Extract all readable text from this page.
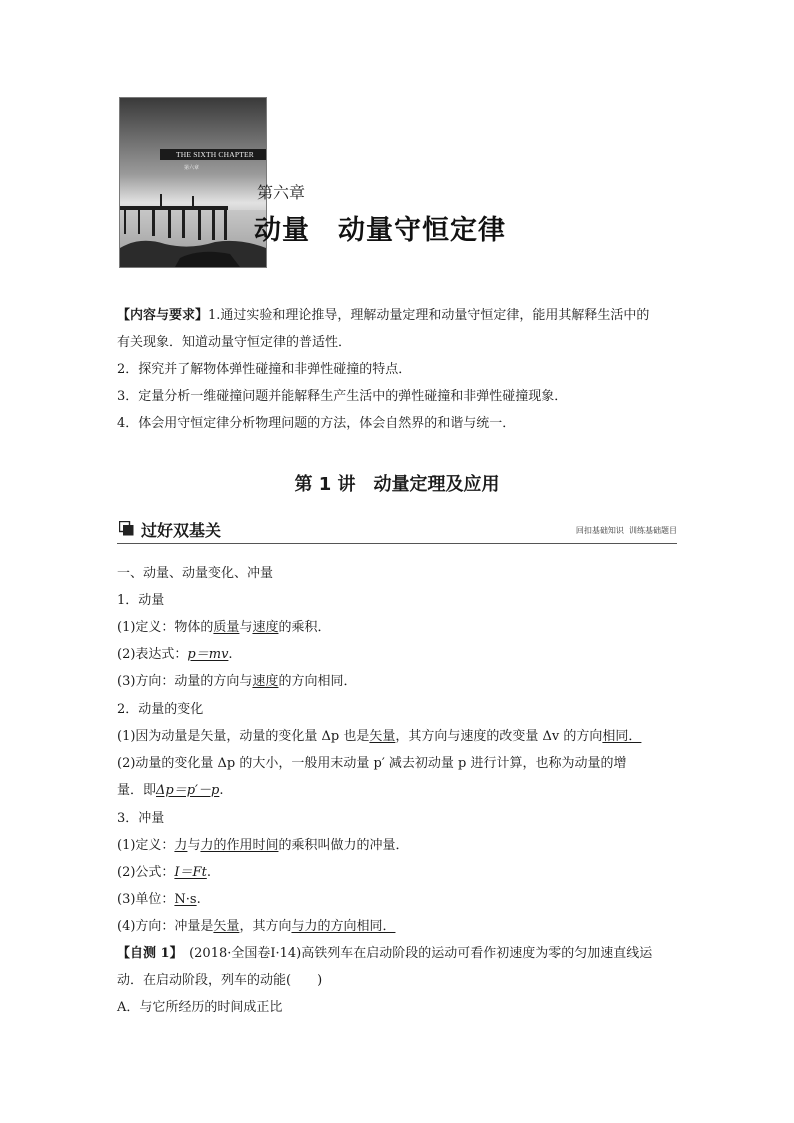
THE SIXTH CHAPTER
第六章
第六章
动量　动量守恒定律
【内容与要求】1.通过实验和理论推导，理解动量定理和动量守恒定律，能用其解释生活中的
有关现象．知道动量守恒定律的普适性．
2．探究并了解物体弹性碰撞和非弹性碰撞的特点．
3．定量分析一维碰撞问题并能解释生产生活中的弹性碰撞和非弹性碰撞现象．
4．体会用守恒定律分析物理问题的方法，体会自然界的和谐与统一．
第 1 讲　动量定理及应用
过好双基关	回扣基础知识  训练基础题目
一、动量、动量变化、冲量
1．动量
(1)定义：物体的质量与速度的乘积．
(2)表达式：p＝mv.
(3)方向：动量的方向与速度的方向相同．
2．动量的变化
(1)因为动量是矢量，动量的变化量 Δp 也是矢量，其方向与速度的改变量 Δv 的方向相同．
(2)动量的变化量 Δp 的大小，一般用末动量 p′ 减去初动量 p 进行计算，也称为动量的增
量．即Δp＝p′－p.
3．冲量
(1)定义：力与力的作用时间的乘积叫做力的冲量．
(2)公式：I＝Ft.
(3)单位：N·s.
(4)方向：冲量是矢量，其方向与力的方向相同．
【自测 1】　(2018·全国卷Ⅰ·14)高铁列车在启动阶段的运动可看作初速度为零的匀加速直线运
动．在启动阶段，列车的动能(　　)
A．与它所经历的时间成正比
